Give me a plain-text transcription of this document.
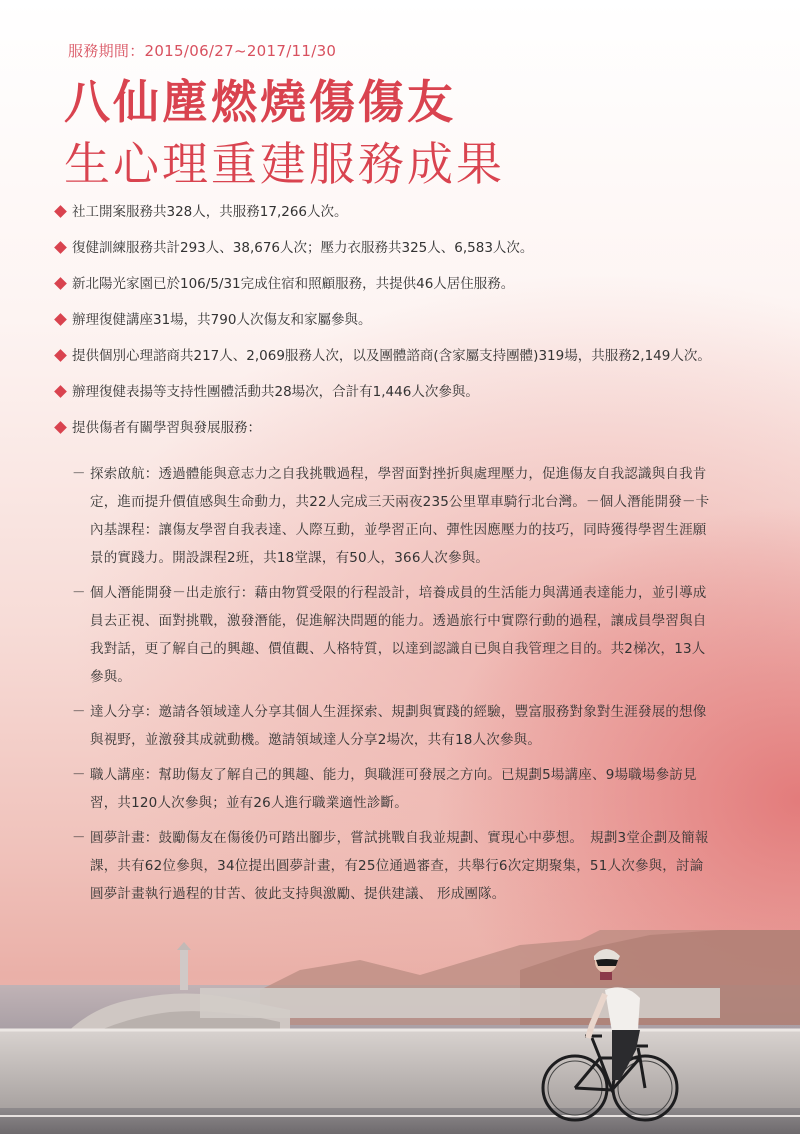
服務期間：2015/06/27~2017/11/30
八仙塵燃燒傷傷友
生心理重建服務成果
社工開案服務共328人，共服務17,266人次。
復健訓練服務共計293人、38,676人次；壓力衣服務共325人、6,583人次。
新北陽光家園已於106/5/31完成住宿和照顧服務，共提供46人居住服務。
辦理復健講座31場，共790人次傷友和家屬參與。
提供個別心理諮商共217人、2,069服務人次，以及團體諮商(含家屬支持團體)319場，共服務2,149人次。
辦理復健表揚等支持性團體活動共28場次，合計有1,446人次參與。
提供傷者有關學習與發展服務：
－ 探索啟航：透過體能與意志力之自我挑戰過程，學習面對挫折與處理壓力，促進傷友自我認識與自我肯定，進而提升價值感與生命動力，共22人完成三天兩夜235公里單車騎行北台灣。－個人潛能開發－卡內基課程：讓傷友學習自我表達、人際互動，並學習正向、彈性因應壓力的技巧，同時獲得學習生涯願景的實踐力。開設課程2班，共18堂課，有50人，366人次參與。
－ 個人潛能開發－出走旅行：藉由物質受限的行程設計，培養成員的生活能力與溝通表達能力，並引導成員去正視、面對挑戰，激發潛能，促進解決問題的能力。透過旅行中實際行動的過程，讓成員學習與自我對話，更了解自己的興趣、價值觀、人格特質，以達到認識自已與自我管理之目的。共2梯次，13人參與。
－ 達人分享：邀請各領域達人分享其個人生涯探索、規劃與實踐的經驗，豐富服務對象對生涯發展的想像與視野，並激發其成就動機。邀請領域達人分享2場次，共有18人次參與。
－ 職人講座：幫助傷友了解自己的興趣、能力，與職涯可發展之方向。已規劃5場講座、9場職場參訪見習，共120人次參與；並有26人進行職業適性診斷。
－ 圓夢計畫：鼓勵傷友在傷後仍可踏出腳步，嘗試挑戰自我並規劃、實現心中夢想。　規劃3堂企劃及簡報課，共有62位參與，34位提出圓夢計畫，有25位通過審查，共舉行6次定期聚集，51人次參與，討論圓夢計畫執行過程的甘苦、彼此支持與激勵、提供建議、 形成團隊。
